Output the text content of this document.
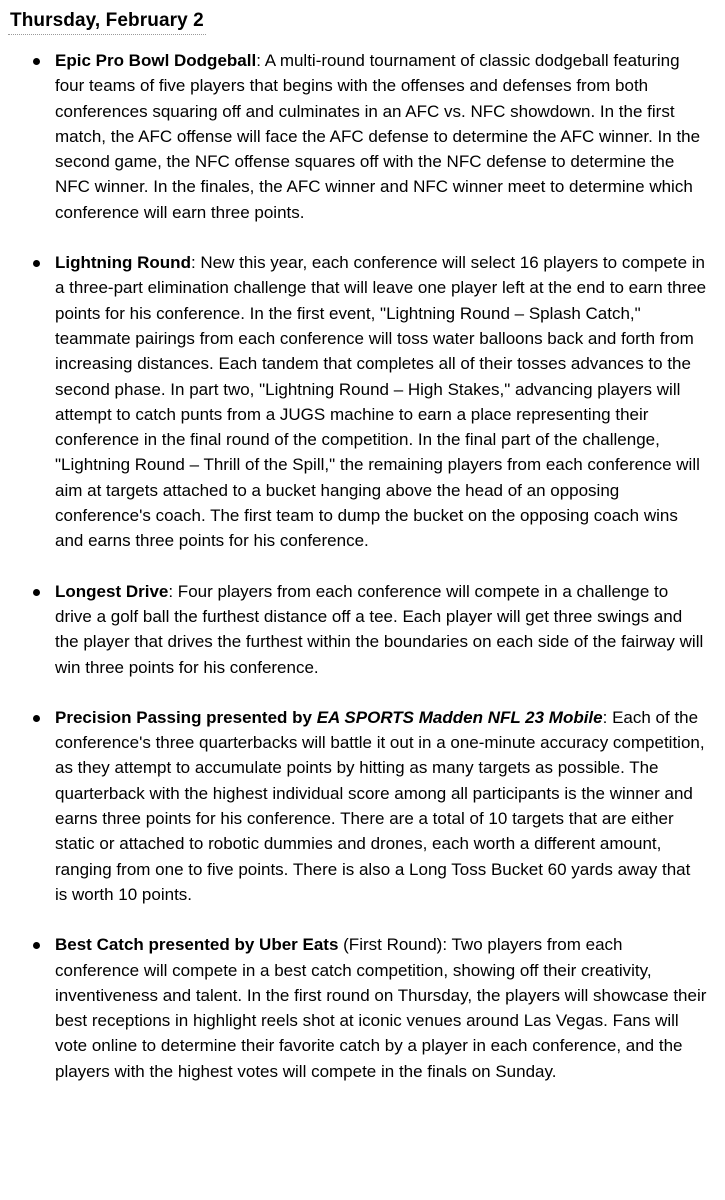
Thursday, February 2
Epic Pro Bowl Dodgeball: A multi-round tournament of classic dodgeball featuring four teams of five players that begins with the offenses and defenses from both conferences squaring off and culminates in an AFC vs. NFC showdown. In the first match, the AFC offense will face the AFC defense to determine the AFC winner. In the second game, the NFC offense squares off with the NFC defense to determine the NFC winner. In the finales, the AFC winner and NFC winner meet to determine which conference will earn three points.
Lightning Round: New this year, each conference will select 16 players to compete in a three-part elimination challenge that will leave one player left at the end to earn three points for his conference. In the first event, "Lightning Round – Splash Catch," teammate pairings from each conference will toss water balloons back and forth from increasing distances. Each tandem that completes all of their tosses advances to the second phase. In part two, "Lightning Round – High Stakes," advancing players will attempt to catch punts from a JUGS machine to earn a place representing their conference in the final round of the competition. In the final part of the challenge, "Lightning Round – Thrill of the Spill," the remaining players from each conference will aim at targets attached to a bucket hanging above the head of an opposing conference's coach. The first team to dump the bucket on the opposing coach wins and earns three points for his conference.
Longest Drive: Four players from each conference will compete in a challenge to drive a golf ball the furthest distance off a tee. Each player will get three swings and the player that drives the furthest within the boundaries on each side of the fairway will win three points for his conference.
Precision Passing presented by EA SPORTS Madden NFL 23 Mobile: Each of the conference's three quarterbacks will battle it out in a one-minute accuracy competition, as they attempt to accumulate points by hitting as many targets as possible. The quarterback with the highest individual score among all participants is the winner and earns three points for his conference. There are a total of 10 targets that are either static or attached to robotic dummies and drones, each worth a different amount, ranging from one to five points. There is also a Long Toss Bucket 60 yards away that is worth 10 points.
Best Catch presented by Uber Eats (First Round): Two players from each conference will compete in a best catch competition, showing off their creativity, inventiveness and talent. In the first round on Thursday, the players will showcase their best receptions in highlight reels shot at iconic venues around Las Vegas. Fans will vote online to determine their favorite catch by a player in each conference, and the players with the highest votes will compete in the finals on Sunday.
